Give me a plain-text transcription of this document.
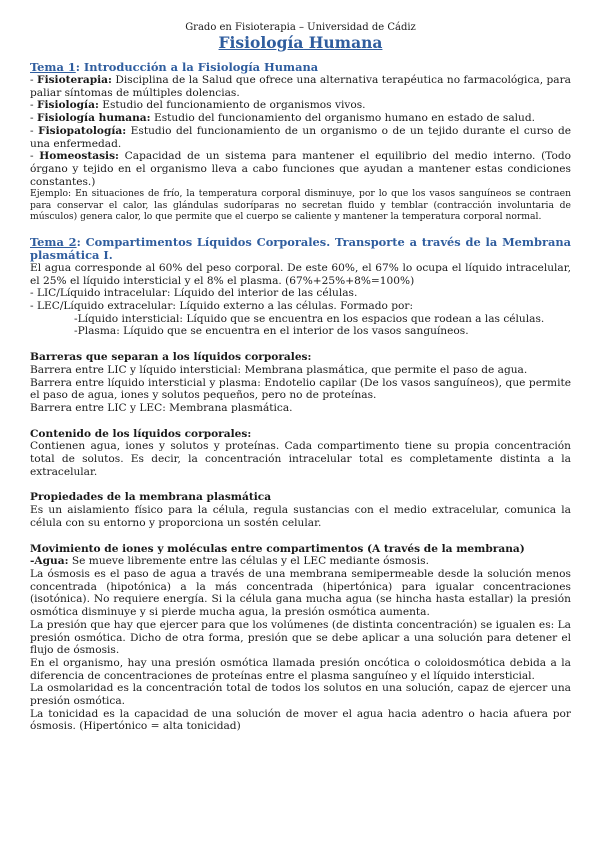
Grado en Fisioterapia – Universidad de Cádiz
Fisiología Humana

Tema 1: Introducción a la Fisiología Humana

- Fisioterapia: Disciplina de la Salud que ofrece una alternativa terapéutica no farmacológica, para paliar síntomas de múltiples dolencias.

- Fisiología: Estudio del funcionamiento de organismos vivos.

- Fisiología humana: Estudio del funcionamiento del organismo humano en estado de salud.

- Fisiopatología: Estudio del funcionamiento de un organismo o de un tejido durante el curso de una enfermedad.

- Homeostasis: Capacidad de un sistema para mantener el equilibrio del medio interno. (Todo órgano y tejido en el organismo lleva a cabo funciones que ayudan a mantener estas condiciones constantes.)

Ejemplo: En situaciones de frío, la temperatura corporal disminuye, por lo que los vasos sanguíneos se contraen para conservar el calor, las glándulas sudoríparas no secretan fluido y temblar (contracción involuntaria de músculos) genera calor, lo que permite que el cuerpo se caliente y mantener la temperatura corporal normal.

Tema 2: Compartimentos Líquidos Corporales. Transporte a través de la Membrana plasmática I.

El agua corresponde al 60% del peso corporal. De este 60%, el 67% lo ocupa el líquido intracelular, el 25% el líquido intersticial y el 8% el plasma. (67%+25%+8%=100%)

- LIC/Líquido intracelular: Líquido del interior de las células.

- LEC/Líquido extracelular: Líquido externo a las células. Formado por:

-Líquido intersticial: Líquido que se encuentra en los espacios que rodean a las células.

-Plasma: Líquido que se encuentra en el interior de los vasos sanguíneos.

Barreras que separan a los líquidos corporales:

Barrera entre LIC y líquido intersticial: Membrana plasmática, que permite el paso de agua.

Barrera entre líquido intersticial y plasma: Endotelio capilar (De los vasos sanguíneos), que permite el paso de agua, iones y solutos pequeños, pero no de proteínas.

Barrera entre LIC y LEC: Membrana plasmática.

Contenido de los líquidos corporales:

Contienen agua, iones y solutos y proteínas. Cada compartimento tiene su propia concentración total de solutos. Es decir, la concentración intracelular total es completamente distinta a la extracelular.

Propiedades de la membrana plasmática

Es un aislamiento físico para la célula, regula sustancias con el medio extracelular, comunica la célula con su entorno y proporciona un sostén celular.

Movimiento de iones y moléculas entre compartimentos (A través de la membrana)

-Agua: Se mueve libremente entre las células y el LEC mediante ósmosis.

La ósmosis es el paso de agua a través de una membrana semipermeable desde la solución menos concentrada (hipotónica) a la más concentrada (hipertónica) para igualar concentraciones (isotónica). No requiere energía. Si la célula gana mucha agua (se hincha hasta estallar) la presión osmótica disminuye y si pierde mucha agua, la presión osmótica aumenta.

La presión que hay que ejercer para que los volúmenes (de distinta concentración) se igualen es: La presión osmótica. Dicho de otra forma, presión que se debe aplicar a una solución para detener el flujo de ósmosis.

En el organismo, hay una presión osmótica llamada presión oncótica o coloidosmótica debida a la diferencia de concentraciones de proteínas entre el plasma sanguíneo y el líquido intersticial.

La osmolaridad es la concentración total de todos los solutos en una solución, capaz de ejercer una presión osmótica.

La tonicidad es la capacidad de una solución de mover el agua hacia adentro o hacia afuera por ósmosis. (Hipertónico = alta tonicidad)
